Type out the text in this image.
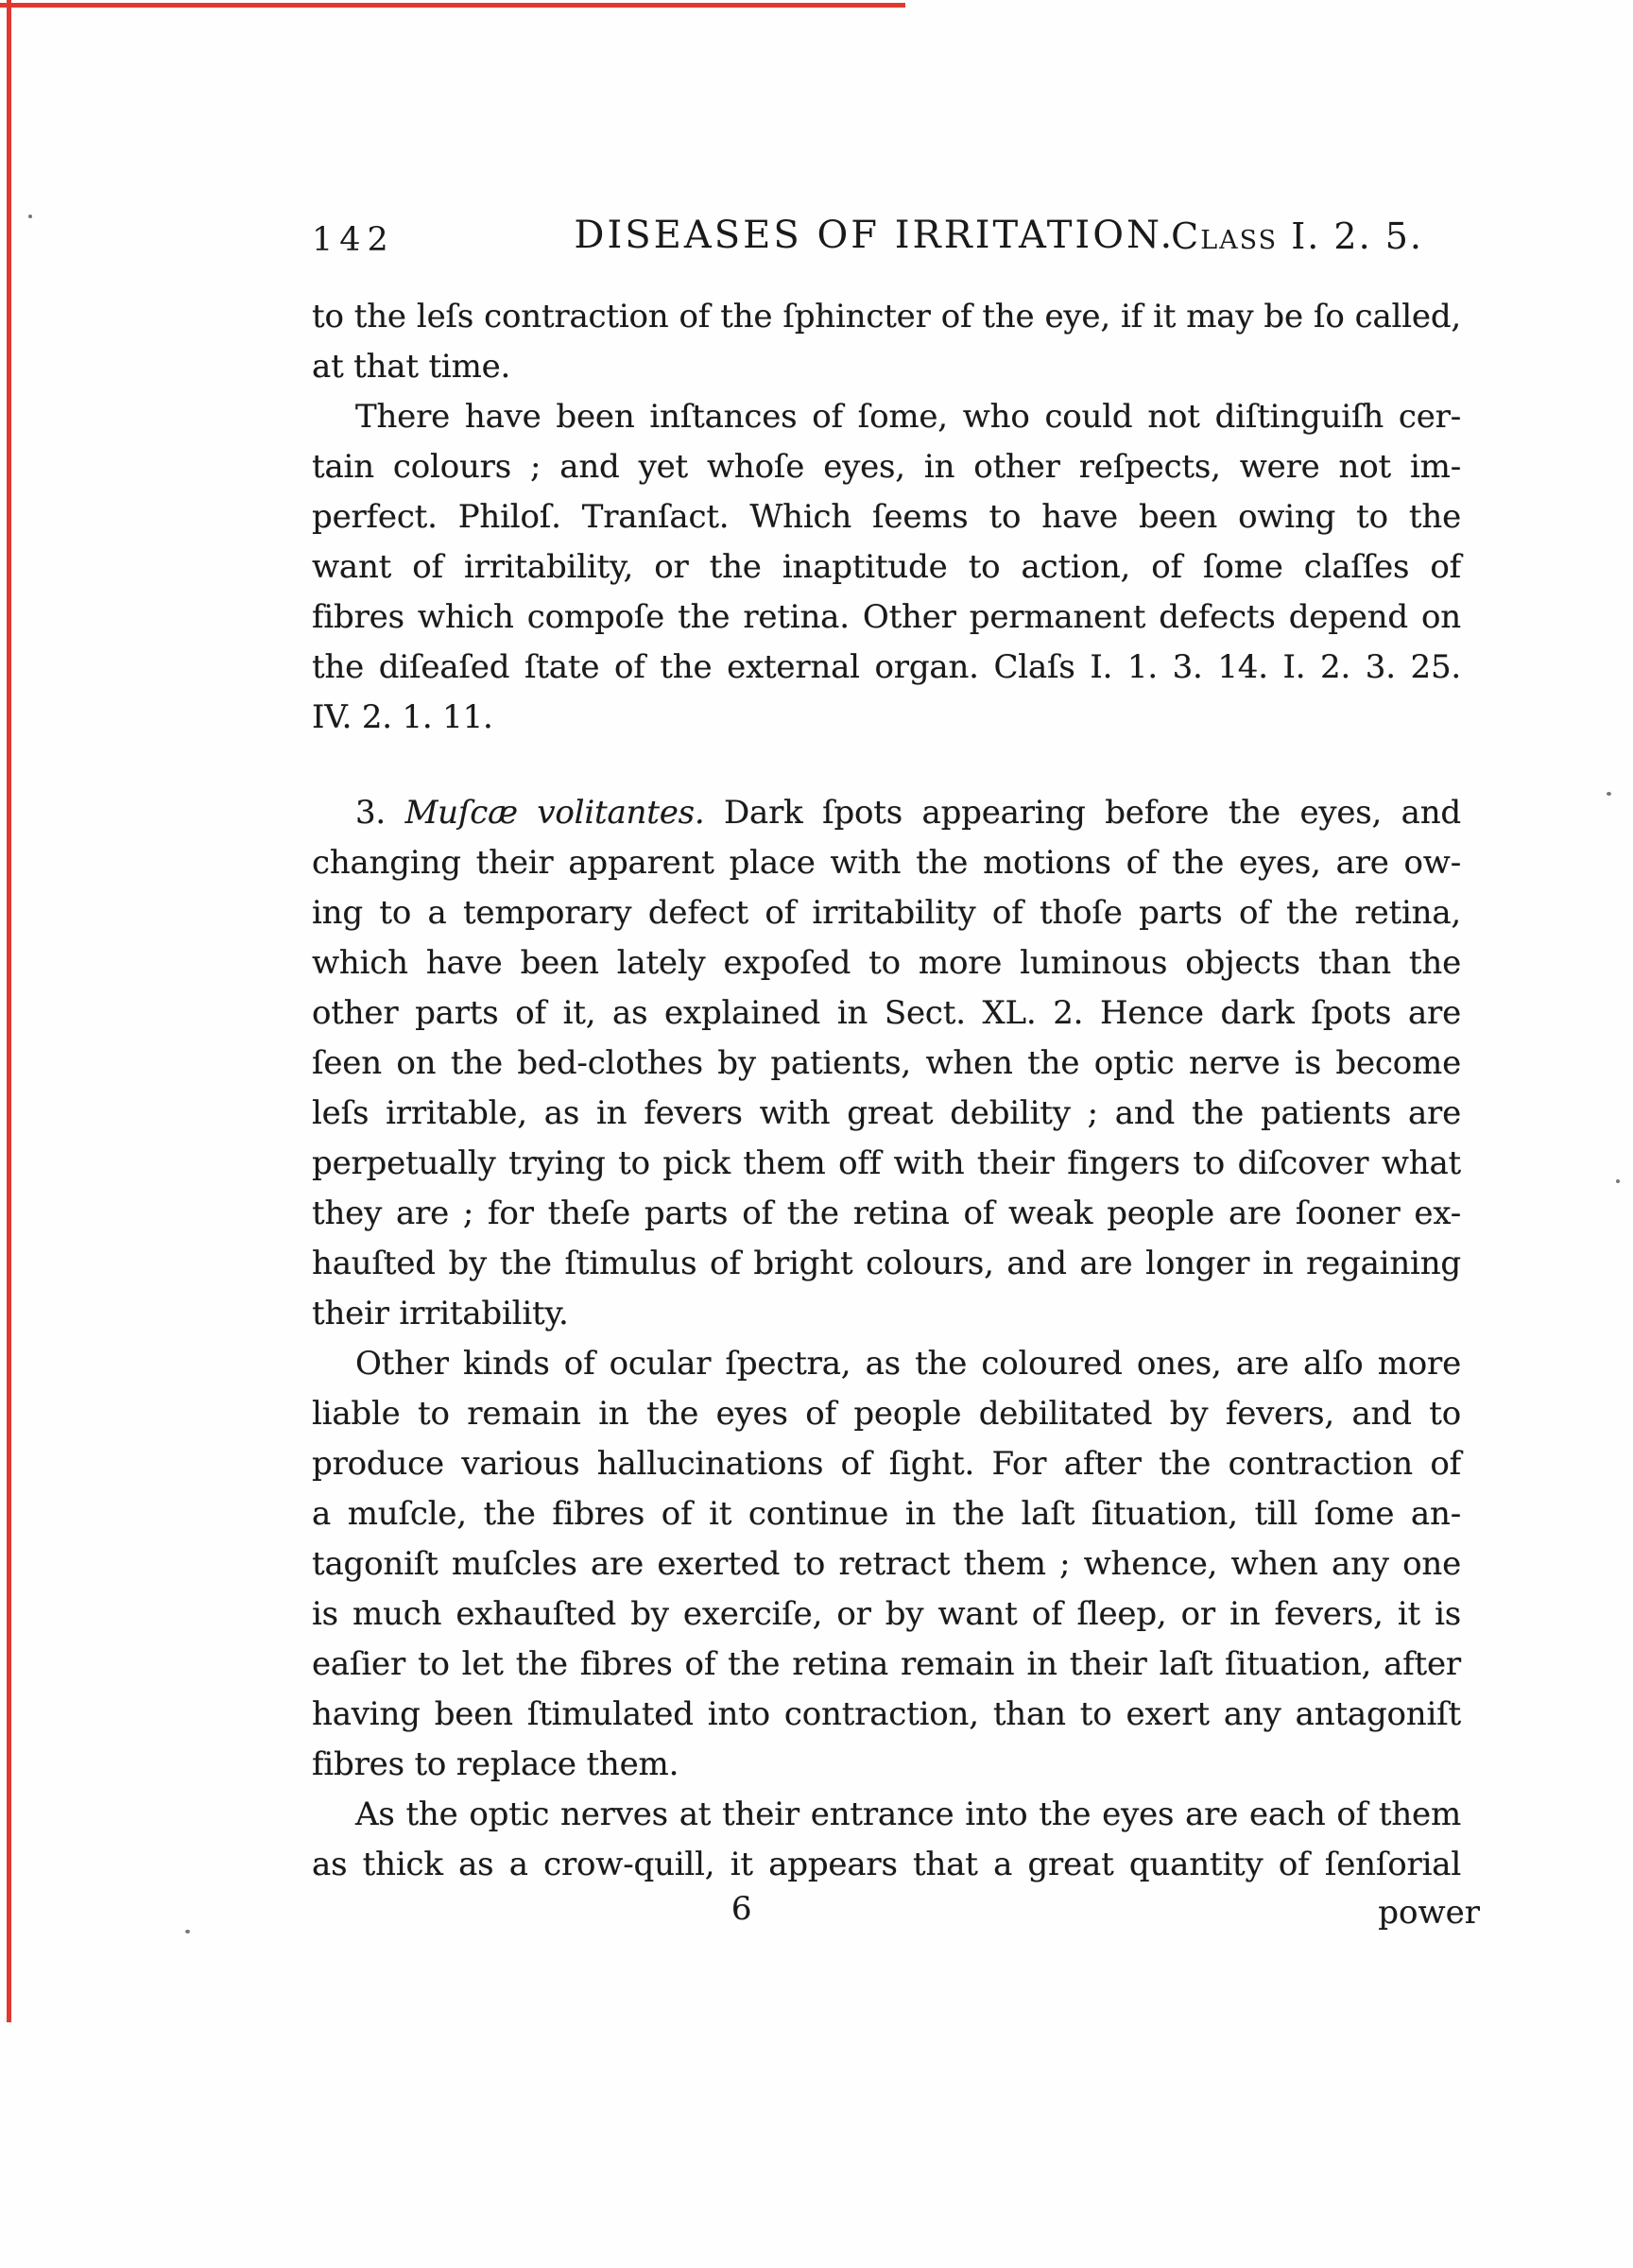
142	DISEASES OF IRRITATION.
Class I. 2. 5.
to the leſs contraction of the ſphincter of the eye, if it may be ſo called,
at that time.
There have been inſtances of ſome, who could not diſtinguiſh cer-
tain colours ; and yet whoſe eyes, in other reſpects, were not im-
perfect. Philoſ. Tranſact. Which ſeems to have been owing to the
want of irritability, or the inaptitude to action, of ſome claſſes of
fibres which compoſe the retina. Other permanent defects depend on
the diſeaſed ſtate of the external organ. Claſs I. 1. 3. 14. I. 2. 3. 25.
IV. 2. 1. 11.
3. Muſcæ volitantes. Dark ſpots appearing before the eyes, and
changing their apparent place with the motions of the eyes, are ow-
ing to a temporary defect of irritability of thoſe parts of the retina,
which have been lately expoſed to more luminous objects than the
other parts of it, as explained in Sect. XL. 2. Hence dark ſpots are
ſeen on the bed-clothes by patients, when the optic nerve is become
leſs irritable, as in fevers with great debility ; and the patients are
perpetually trying to pick them off with their fingers to diſcover what
they are ; for theſe parts of the retina of weak people are ſooner ex-
hauſted by the ſtimulus of bright colours, and are longer in regaining
their irritability.
Other kinds of ocular ſpectra, as the coloured ones, are alſo more
liable to remain in the eyes of people debilitated by fevers, and to
produce various hallucinations of ſight. For after the contraction of
a muſcle, the fibres of it continue in the laſt ſituation, till ſome an-
tagoniſt muſcles are exerted to retract them ; whence, when any one
is much exhauſted by exerciſe, or by want of ſleep, or in fevers, it is
eaſier to let the fibres of the retina remain in their laſt ſituation, after
having been ſtimulated into contraction, than to exert any antagoniſt
fibres to replace them.
As the optic nerves at their entrance into the eyes are each of them
as thick as a crow-quill, it appears that a great quantity of ſenſorial
6	power
